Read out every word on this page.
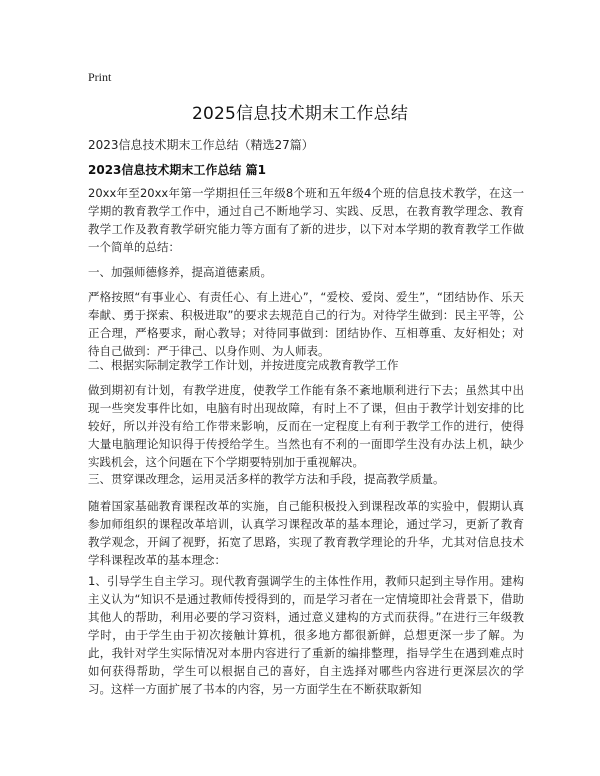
Print
2025信息技术期末工作总结

2023信息技术期末工作总结（精选27篇）

2023信息技术期末工作总结 篇1

20xx年至20xx年第一学期担任三年级8个班和五年级4个班的信息技术教学，在这一学期的教育教学工作中，通过自己不断地学习、实践、反思，在教育教学理念、教育教学工作及教育教学研究能力等方面有了新的进步，以下对本学期的教育教学工作做一个简单的总结：

一、加强师德修养，提高道德素质。

严格按照“有事业心、有责任心、有上进心”，“爱校、爱岗、爱生”，“团结协作、乐天奉献、勇于探索、积极进取”的要求去规范自己的行为。对待学生做到：民主平等，公正合理，严格要求，耐心教导；对待同事做到：团结协作、互相尊重、友好相处；对待自己做到：严于律己、以身作则、为人师表。

二、根据实际制定教学工作计划，并按进度完成教育教学工作

做到期初有计划，有教学进度，使教学工作能有条不紊地顺利进行下去；虽然其中出现一些突发事件比如，电脑有时出现故障，有时上不了课，但由于教学计划安排的比较好，所以并没有给工作带来影响，反而在一定程度上有利于教学工作的进行，使得大量电脑理论知识得于传授给学生。当然也有不利的一面即学生没有办法上机，缺少实践机会，这个问题在下个学期要特别加于重视解决。

三、贯穿课改理念，运用灵活多样的教学方法和手段，提高教学质量。

随着国家基础教育课程改革的实施，自己能积极投入到课程改革的实验中，假期认真参加师组织的课程改革培训，认真学习课程改革的基本理论，通过学习，更新了教育教学观念，开阔了视野，拓宽了思路，实现了教育教学理论的升华，尤其对信息技术学科课程改革的基本理念：

1、引导学生自主学习。现代教育强调学生的主体性作用，教师只起到主导作用。建构主义认为“知识不是通过教师传授得到的，而是学习者在一定情境即社会背景下，借助其他人的帮助，利用必要的学习资料，通过意义建构的方式而获得。”在进行三年级教学时，由于学生由于初次接触计算机，很多地方都很新鲜，总想更深一步了解。为此，我针对学生实际情况对本册内容进行了重新的编排整理，指导学生在遇到难点时如何获得帮助，学生可以根据自己的喜好，自主选择对哪些内容进行更深层次的学习。这样一方面扩展了书本的内容，另一方面学生在不断获取新知
